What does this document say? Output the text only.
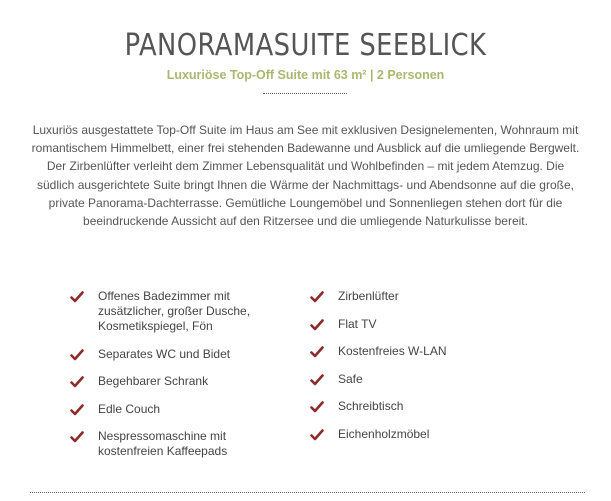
PANORAMASUITE SEEBLICK
Luxuriöse Top-Off Suite mit 63 m² | 2 Personen
Luxuriös ausgestattete Top-Off Suite im Haus am See mit exklusiven Designelementen, Wohnraum mit romantischem Himmelbett, einer frei stehenden Badewanne und Ausblick auf die umliegende Bergwelt. Der Zirbenlüfter verleiht dem Zimmer Lebensqualität und Wohlbefinden – mit jedem Atemzug. Die südlich ausgerichtete Suite bringt Ihnen die Wärme der Nachmittags- und Abendsonne auf die große, private Panorama-Dachterrasse. Gemütliche Loungemöbel und Sonnenliegen stehen dort für die beeindruckende Aussicht auf den Ritzersee und die umliegende Naturkulisse bereit.
Offenes Badezimmer mit zusätzlicher, großer Dusche, Kosmetikspiegel, Fön
Separates WC und Bidet
Begehbarer Schrank
Edle Couch
Nespressomaschine mit kostenfreien Kaffeepads
Zirbenlüfter
Flat TV
Kostenfreies W-LAN
Safe
Schreibtisch
Eichenholzmöbel
